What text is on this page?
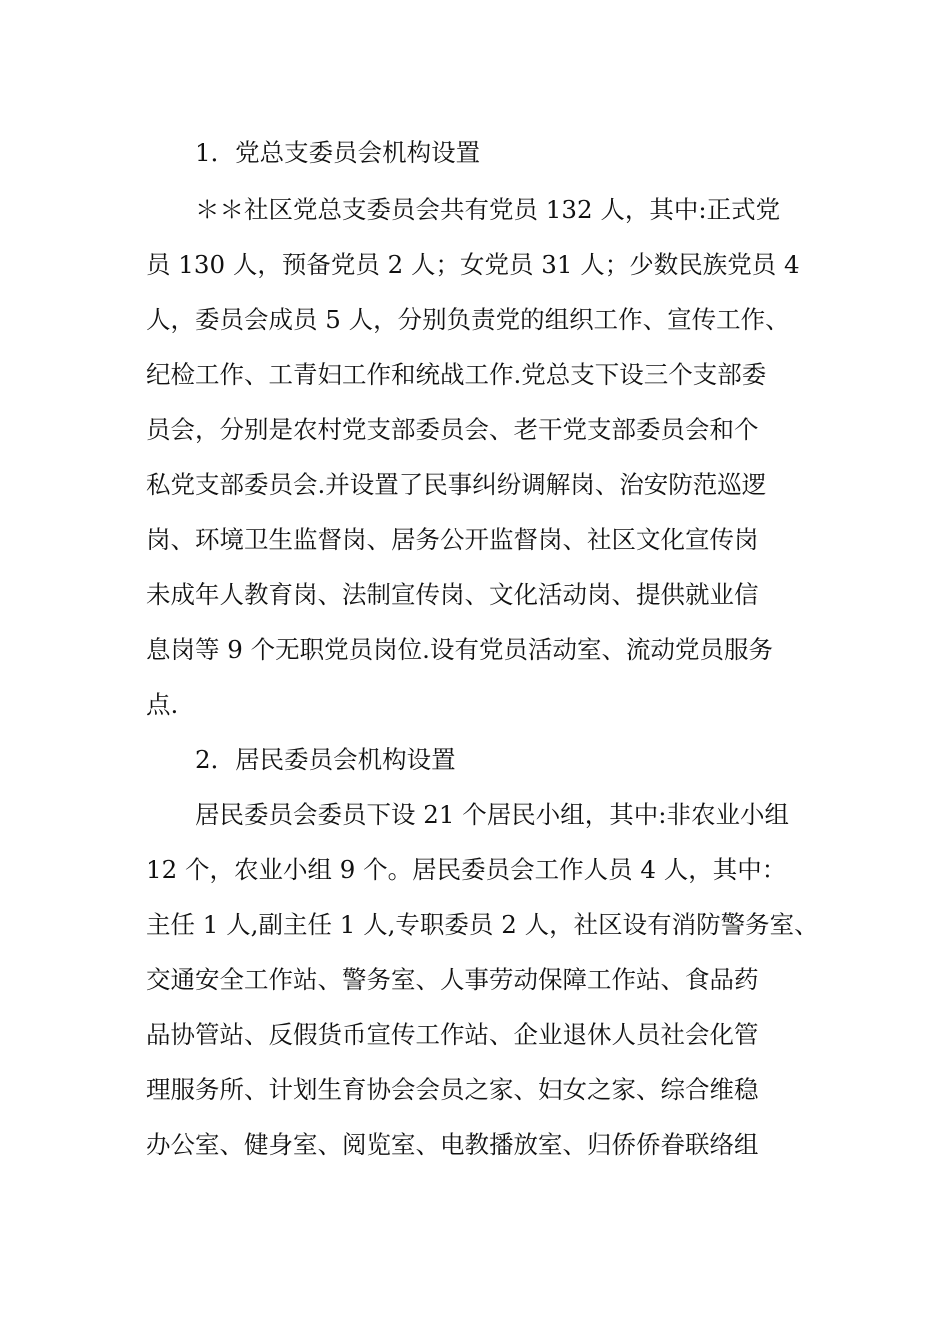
1．党总支委员会机构设置

＊＊社区党总支委员会共有党员 132 人，其中:正式党

员 130 人，预备党员 2 人；女党员 31 人；少数民族党员 4

人，委员会成员 5 人，分别负责党的组织工作、宣传工作、

纪检工作、工青妇工作和统战工作.党总支下设三个支部委

员会，分别是农村党支部委员会、老干党支部委员会和个

私党支部委员会.并设置了民事纠纷调解岗、治安防范巡逻

岗、环境卫生监督岗、居务公开监督岗、社区文化宣传岗

未成年人教育岗、法制宣传岗、文化活动岗、提供就业信

息岗等 9 个无职党员岗位.设有党员活动室、流动党员服务

点.

2．居民委员会机构设置

居民委员会委员下设 21 个居民小组，其中:非农业小组

12 个，农业小组 9 个。居民委员会工作人员 4 人，其中：

主任 1 人,副主任 1 人,专职委员 2 人，社区设有消防警务室、

交通安全工作站、警务室、人事劳动保障工作站、食品药

品协管站、反假货币宣传工作站、企业退休人员社会化管

理服务所、计划生育协会会员之家、妇女之家、综合维稳

办公室、健身室、阅览室、电教播放室、归侨侨眷联络组
